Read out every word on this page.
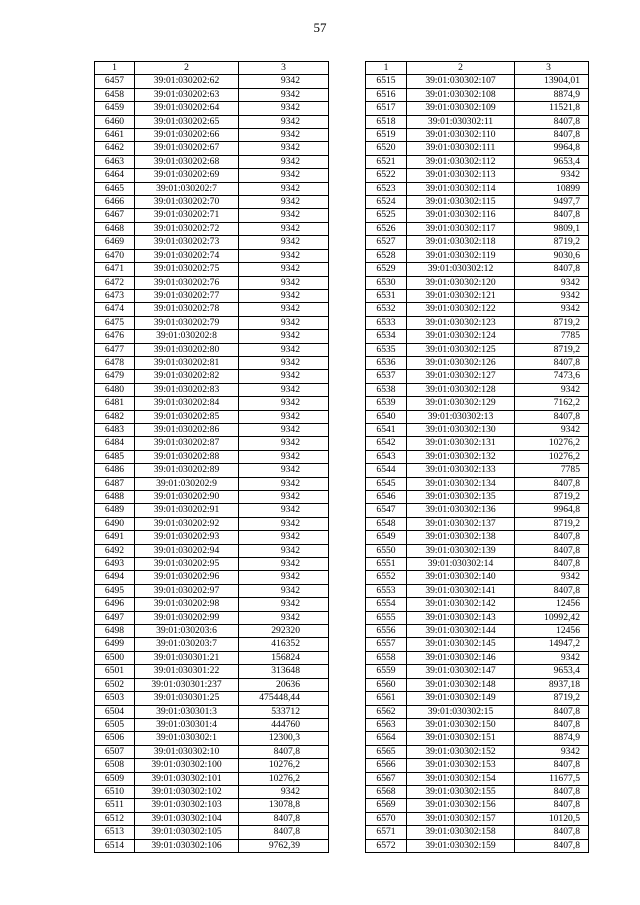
57
1	2	3
6457	39:01:030202:62	9342
6458	39:01:030202:63	9342
6459	39:01:030202:64	9342
6460	39:01:030202:65	9342
6461	39:01:030202:66	9342
6462	39:01:030202:67	9342
6463	39:01:030202:68	9342
6464	39:01:030202:69	9342
6465	39:01:030202:7	9342
6466	39:01:030202:70	9342
6467	39:01:030202:71	9342
6468	39:01:030202:72	9342
6469	39:01:030202:73	9342
6470	39:01:030202:74	9342
6471	39:01:030202:75	9342
6472	39:01:030202:76	9342
6473	39:01:030202:77	9342
6474	39:01:030202:78	9342
6475	39:01:030202:79	9342
6476	39:01:030202:8	9342
6477	39:01:030202:80	9342
6478	39:01:030202:81	9342
6479	39:01:030202:82	9342
6480	39:01:030202:83	9342
6481	39:01:030202:84	9342
6482	39:01:030202:85	9342
6483	39:01:030202:86	9342
6484	39:01:030202:87	9342
6485	39:01:030202:88	9342
6486	39:01:030202:89	9342
6487	39:01:030202:9	9342
6488	39:01:030202:90	9342
6489	39:01:030202:91	9342
6490	39:01:030202:92	9342
6491	39:01:030202:93	9342
6492	39:01:030202:94	9342
6493	39:01:030202:95	9342
6494	39:01:030202:96	9342
6495	39:01:030202:97	9342
6496	39:01:030202:98	9342
6497	39:01:030202:99	9342
6498	39:01:030203:6	292320
6499	39:01:030203:7	416352
6500	39:01:030301:21	156824
6501	39:01:030301:22	313648
6502	39:01:030301:237	20636
6503	39:01:030301:25	475448,44
6504	39:01:030301:3	533712
6505	39:01:030301:4	444760
6506	39:01:030302:1	12300,3
6507	39:01:030302:10	8407,8
6508	39:01:030302:100	10276,2
6509	39:01:030302:101	10276,2
6510	39:01:030302:102	9342
6511	39:01:030302:103	13078,8
6512	39:01:030302:104	8407,8
6513	39:01:030302:105	8407,8
6514	39:01:030302:106	9762,39
1	2	3
6515	39:01:030302:107	13904,01
6516	39:01:030302:108	8874,9
6517	39:01:030302:109	11521,8
6518	39:01:030302:11	8407,8
6519	39:01:030302:110	8407,8
6520	39:01:030302:111	9964,8
6521	39:01:030302:112	9653,4
6522	39:01:030302:113	9342
6523	39:01:030302:114	10899
6524	39:01:030302:115	9497,7
6525	39:01:030302:116	8407,8
6526	39:01:030302:117	9809,1
6527	39:01:030302:118	8719,2
6528	39:01:030302:119	9030,6
6529	39:01:030302:12	8407,8
6530	39:01:030302:120	9342
6531	39:01:030302:121	9342
6532	39:01:030302:122	9342
6533	39:01:030302:123	8719,2
6534	39:01:030302:124	7785
6535	39:01:030302:125	8719,2
6536	39:01:030302:126	8407,8
6537	39:01:030302:127	7473,6
6538	39:01:030302:128	9342
6539	39:01:030302:129	7162,2
6540	39:01:030302:13	8407,8
6541	39:01:030302:130	9342
6542	39:01:030302:131	10276,2
6543	39:01:030302:132	10276,2
6544	39:01:030302:133	7785
6545	39:01:030302:134	8407,8
6546	39:01:030302:135	8719,2
6547	39:01:030302:136	9964,8
6548	39:01:030302:137	8719,2
6549	39:01:030302:138	8407,8
6550	39:01:030302:139	8407,8
6551	39:01:030302:14	8407,8
6552	39:01:030302:140	9342
6553	39:01:030302:141	8407,8
6554	39:01:030302:142	12456
6555	39:01:030302:143	10992,42
6556	39:01:030302:144	12456
6557	39:01:030302:145	14947,2
6558	39:01:030302:146	9342
6559	39:01:030302:147	9653,4
6560	39:01:030302:148	8937,18
6561	39:01:030302:149	8719,2
6562	39:01:030302:15	8407,8
6563	39:01:030302:150	8407,8
6564	39:01:030302:151	8874,9
6565	39:01:030302:152	9342
6566	39:01:030302:153	8407,8
6567	39:01:030302:154	11677,5
6568	39:01:030302:155	8407,8
6569	39:01:030302:156	8407,8
6570	39:01:030302:157	10120,5
6571	39:01:030302:158	8407,8
6572	39:01:030302:159	8407,8
